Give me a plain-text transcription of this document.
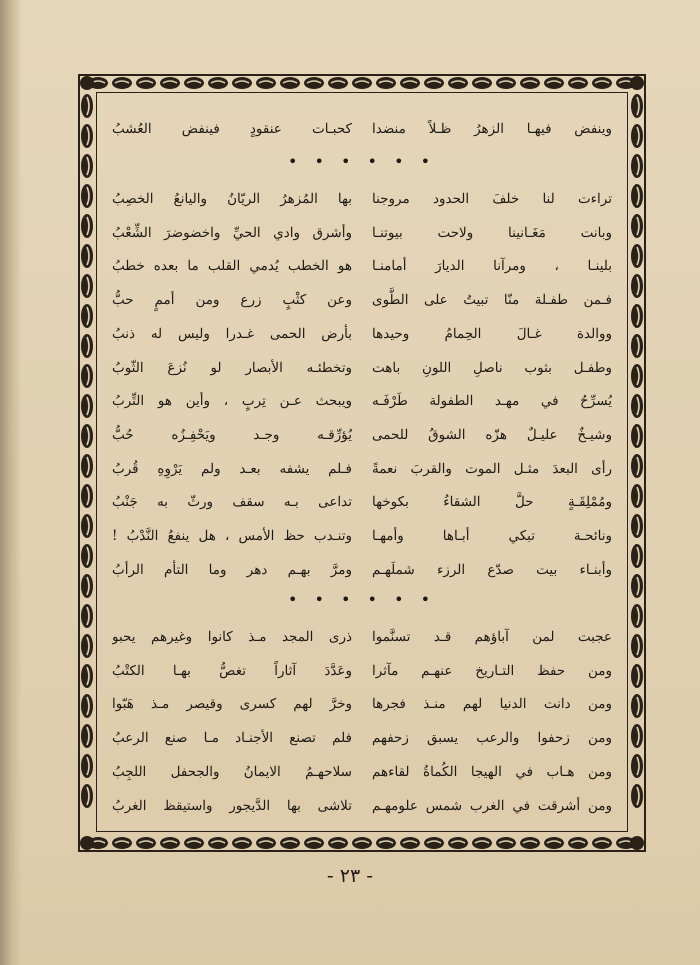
وينفض فيهـا الزهرُ ظـلاً منضدا
كحبـات عنقودٍ فينفض العُشبُ
• • • • • •
تراءت لنا خلفَ الحدود مروجنا
بها المُزهرُ الريّانُ واليانعُ الخصِبُ
وبانت مَغَـانينا ولاحت بيوتنـا
وأشرق وادي الحيِّ واخضوضرَ الشِّعْبُ
بلينـا ، ومرآنا الديارَ أمامنـا
هو الخطب يُدمي القلب ما بعده خطبُ
فـمن طفـلة منّا تبيتُ على الطَّوى
وعن كثْبٍ زرع ومن أممٍ حبُّ
ووالدة غـالَ الحِمامُ وحيدها
بأرض الحمى غـدرا وليس له ذنبُ
وطفـل بثوب ناصلِ اللونِ باهت
وتخطئـه الأبصار لو نُزعَ الثّوبُ
يُسرِّحُ في مهـد الطفولة طَرْفَـه
ويبحث عـن تِربٍ ، وأين هو التِّربُ
وشيـخٌ عليـلٌ هزّه الشوقُ للحمى
يُؤرِّقـه وجـد ويَحْفِـزُه حُبُّ
رأى البعدَ مثـل الموت والقربَ نعمةً
فـلم يشفه بعـد ولم يَرْوِهِ قُربُ
ومُمْلِقَـةٍ حلَّ الشقاءُ بكوخها
تداعى بـه سقف ورثّ به جَنْبُ
ونائحـة تبكي أبـاها وأمهـا
وتنـدب حظ الأمس ، هل ينفعُ النَّدْبُ !
وأبنـاء بيت صدّع الرزء شملَهـم
ومرَّ بهـم دهر وما التأم الرأبُ
• • • • • •
عجبت لمن آباؤهم قـد تسنَّموا
ذرى المجد مـذ كانوا وغيرهم يحبو
ومن حفظ التـاريخ عنهـم مآثرا
وعَدَّدَ آثاراً تغصُّ بهـا الكتْبُ
ومن دانت الدنيا لهم منـذ فجرها
وخرَّ لهم كسرى وقيصر مـذ هَبّوا
ومن زحفوا والرعب يسبق زحفهم
فلم تصنع الأجنـاد مـا صنع الرعبُ
ومن هـاب في الهيجا الكُماةُ لقاءهم
سلاحهـمُ الايمانُ والجحفل اللجِبُ
ومن أشرقت في الغرب شمس علومهـم
تلاشى بها الدَّيجور واستيقظ الغربُ
- ٢٣ -
